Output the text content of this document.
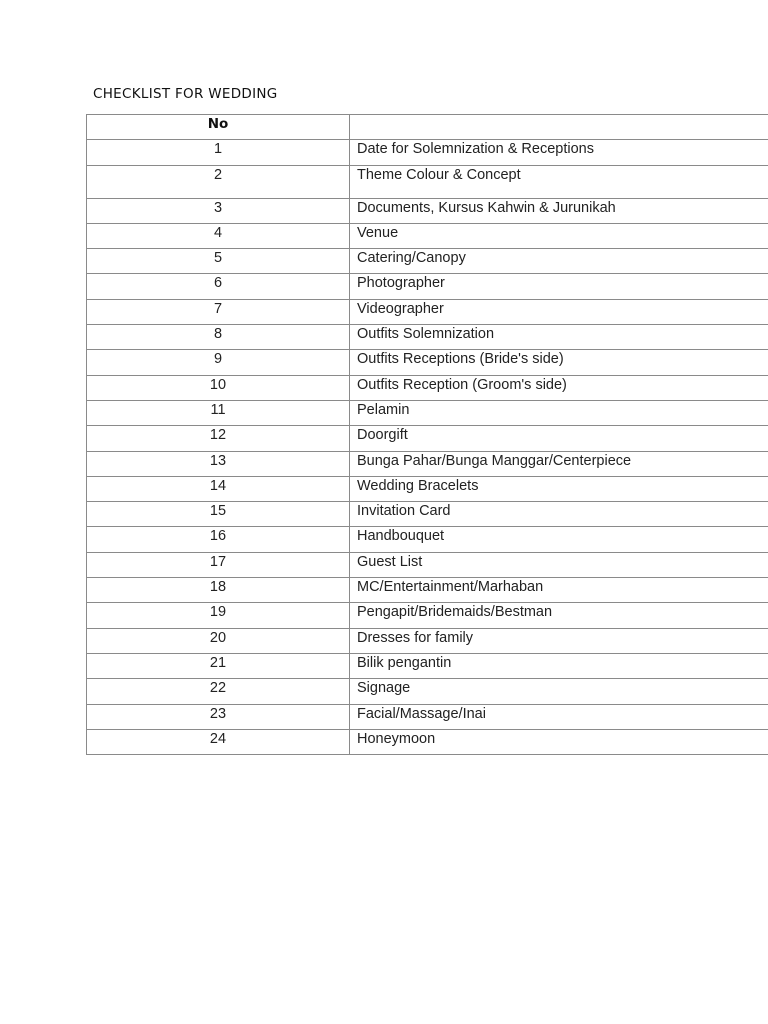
CHECKLIST FOR WEDDING
No	
1	Date for Solemnization & Receptions
2	Theme Colour & Concept
3	Documents, Kursus Kahwin & Jurunikah
4	Venue
5	Catering/Canopy
6	Photographer
7	Videographer
8	Outfits Solemnization
9	Outfits Receptions (Bride's side)
10	Outfits Reception (Groom's side)
11	Pelamin
12	Doorgift
13	Bunga Pahar/Bunga Manggar/Centerpiece
14	Wedding Bracelets
15	Invitation Card
16	Handbouquet
17	Guest List
18	MC/Entertainment/Marhaban
19	Pengapit/Bridemaids/Bestman
20	Dresses for family
21	Bilik pengantin
22	Signage
23	Facial/Massage/Inai
24	Honeymoon
